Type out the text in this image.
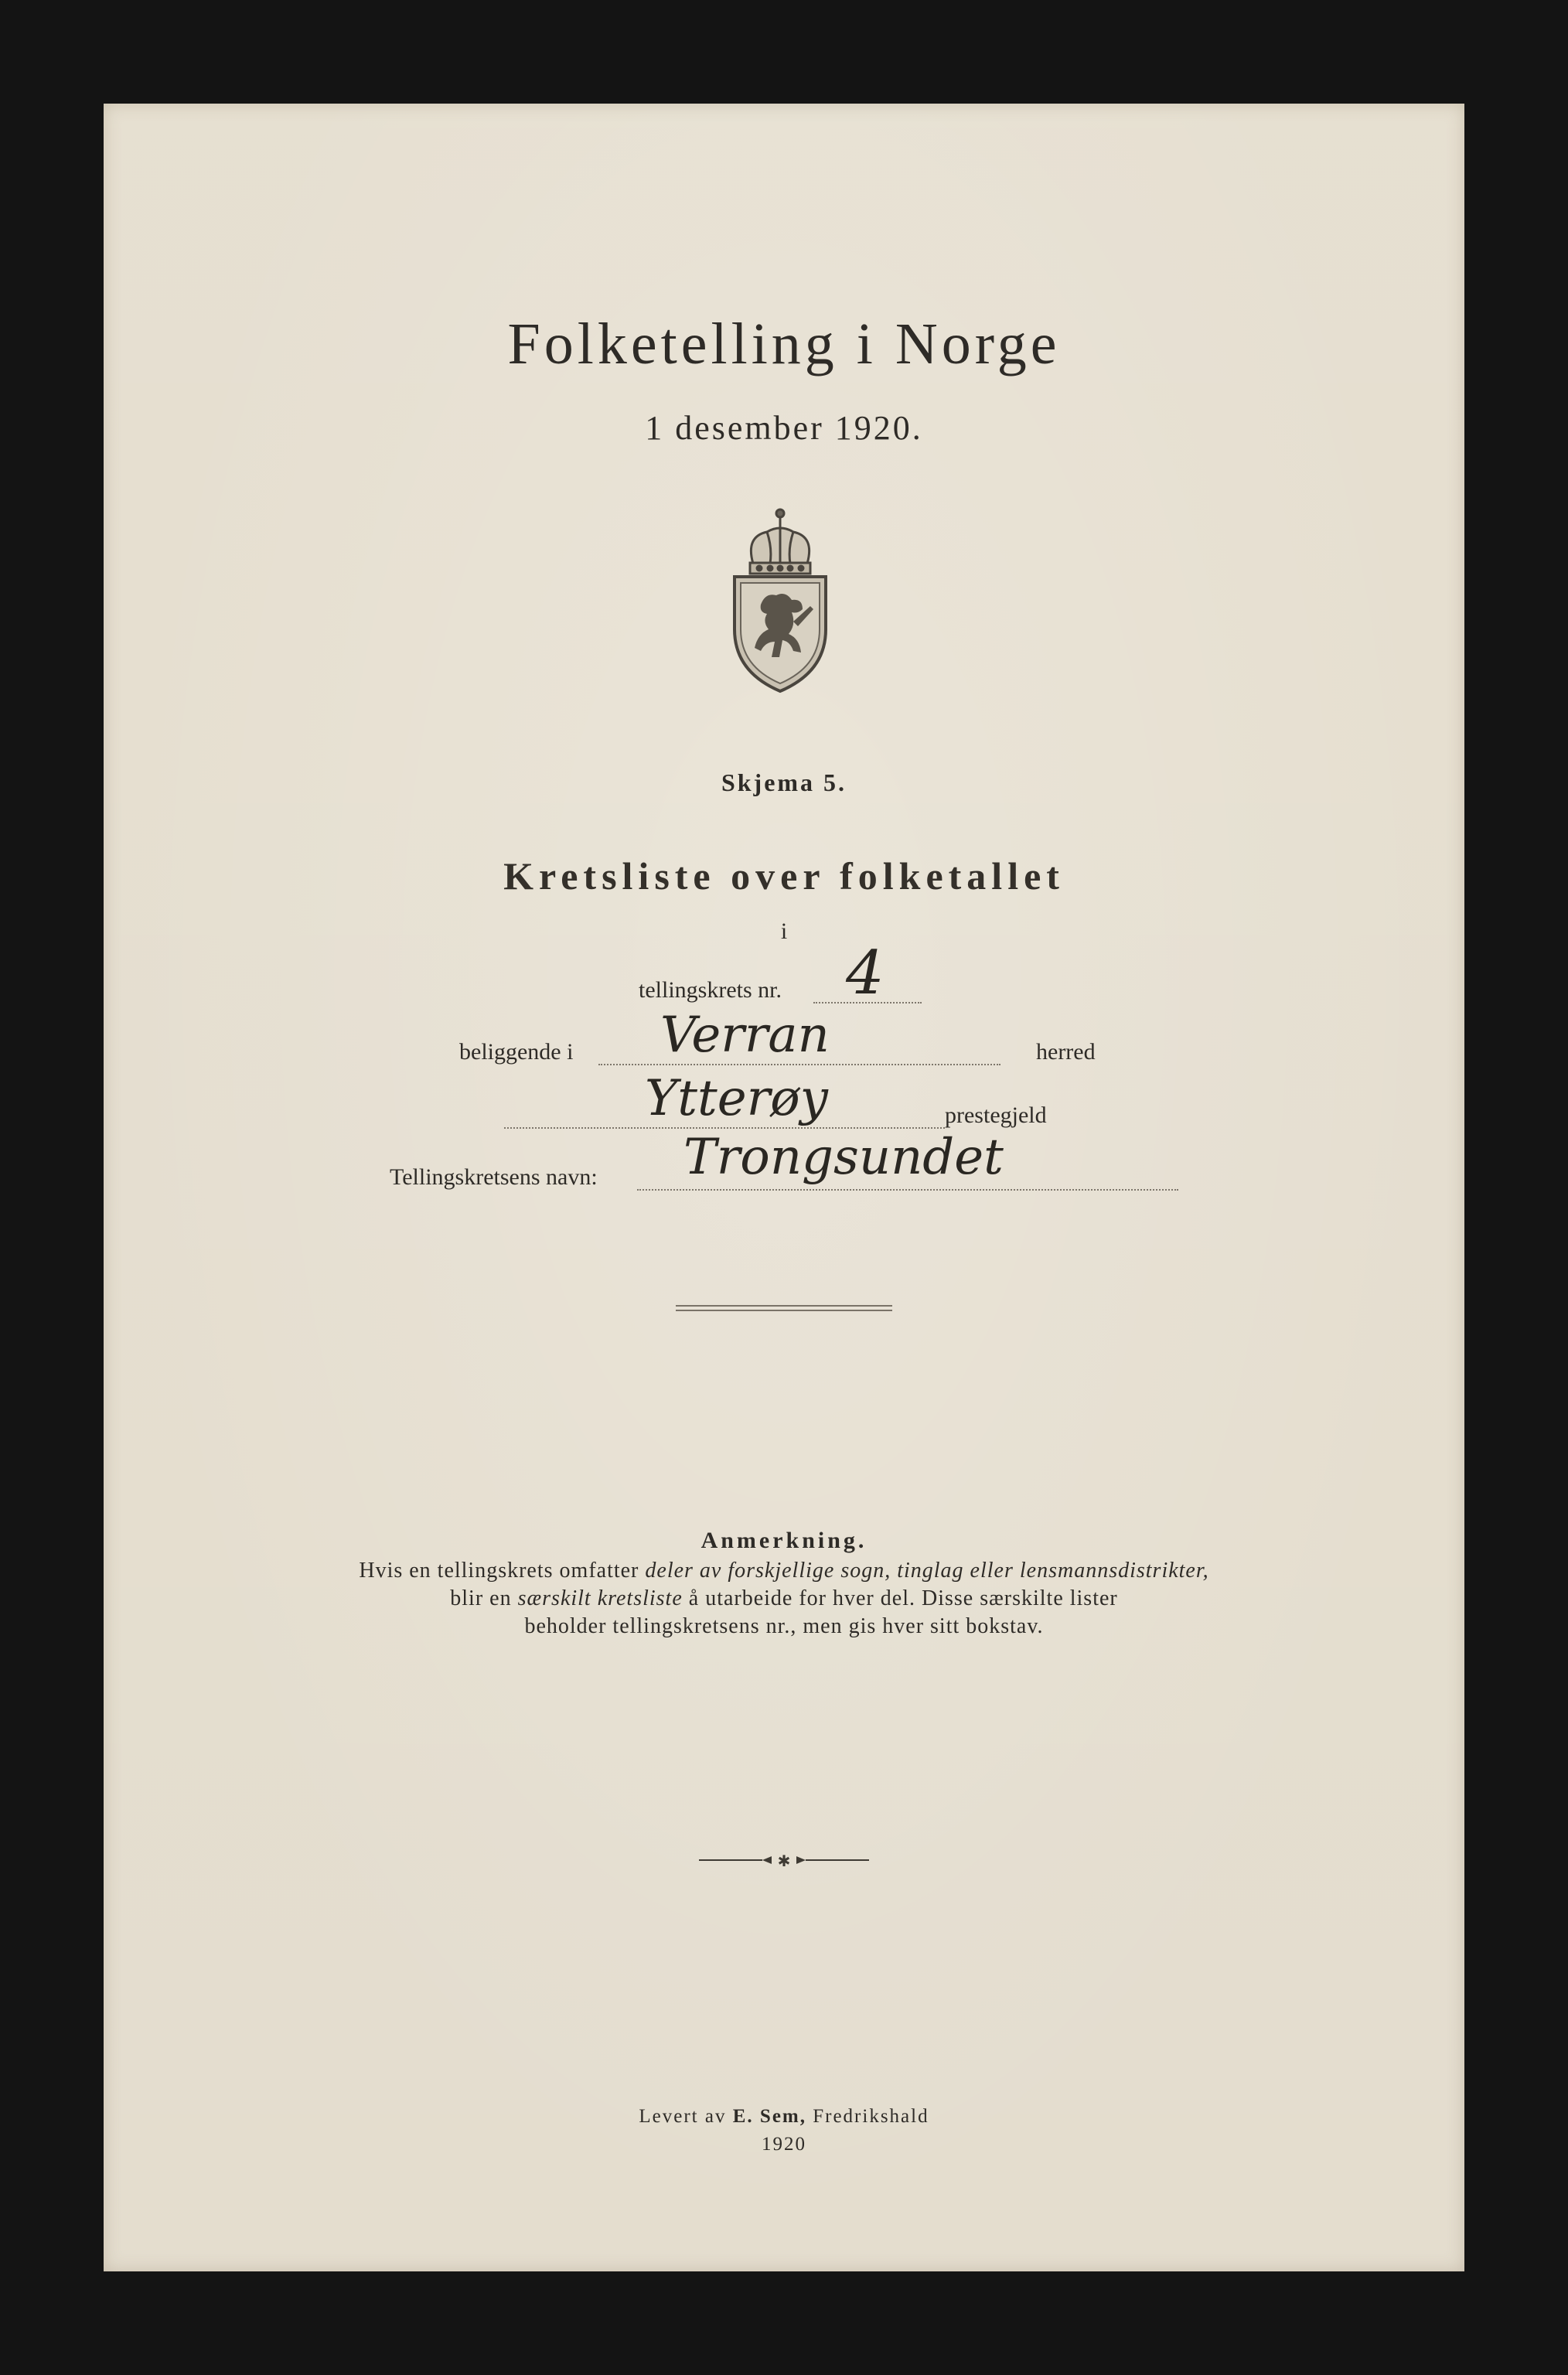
Folketelling i Norge
1 desember 1920.
Skjema 5.
Kretsliste over folketallet
i
tellingskrets nr. 4
beliggende i Verran	herred
Ytterøy	prestegjeld
Tellingskretsens navn: Trongsundet
Anmerkning.
Hvis en tellingskrets omfatter deler av forskjellige sogn, tinglag eller lensmannsdistrikter,
blir en særskilt kretsliste å utarbeide for hver del. Disse særskilte lister
beholder tellingskretsens nr., men gis hver sitt bokstav.
✱
Levert av E. Sem, Fredrikshald
1920
